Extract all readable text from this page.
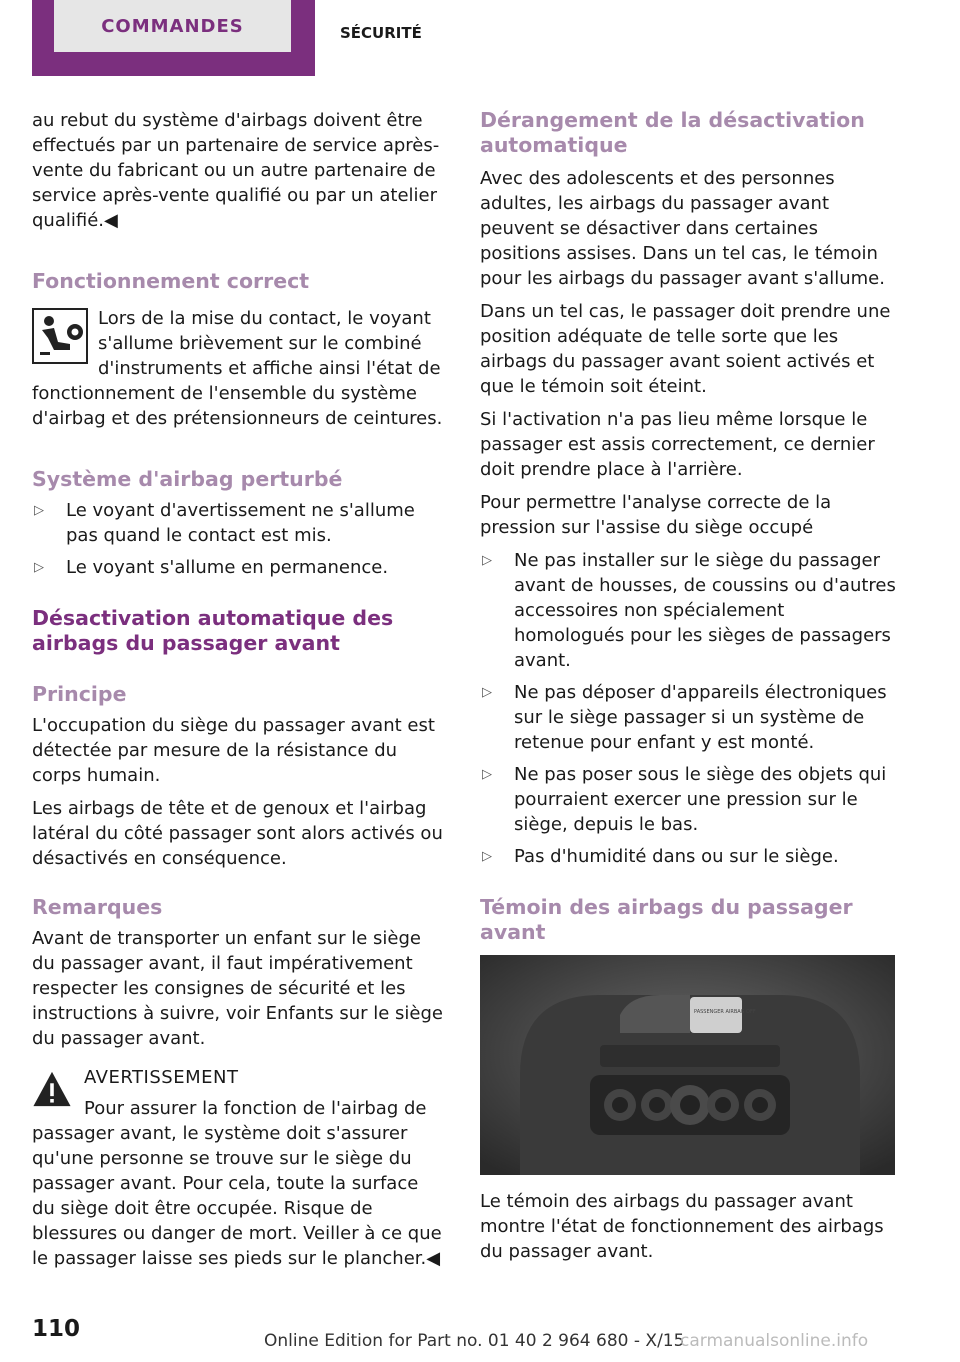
COMMANDES	SÉCURITÉ

au rebut du système d'airbags doivent être effectués par un partenaire de service après-vente du fabricant ou un autre partenaire de service après-vente qualifié ou par un atelier qualifié.◀

Fonctionnement correct

Lors de la mise du contact, le voyant s'allume brièvement sur le combiné d'instruments et affiche ainsi l'état de fonctionnement de l'ensemble du système d'airbag et des prétensionneurs de ceintures.

Système d'airbag perturbé
▷ Le voyant d'avertissement ne s'allume pas quand le contact est mis.
▷ Le voyant s'allume en permanence.
Désactivation automatique des airbags du passager avant
Principe

L'occupation du siège du passager avant est détectée par mesure de la résistance du corps humain.

Les airbags de tête et de genoux et l'airbag latéral du côté passager sont alors activés ou désactivés en conséquence.

Remarques

Avant de transporter un enfant sur le siège du passager avant, il faut impérativement respecter les consignes de sécurité et les instructions à suivre, voir Enfants sur le siège du passager avant.

AVERTISSEMENT

Pour assurer la fonction de l'airbag de passager avant, le système doit s'assurer qu'une personne se trouve sur le siège du passager avant. Pour cela, toute la surface du siège doit être occupée. Risque de blessures ou danger de mort. Veiller à ce que le passager laisse ses pieds sur le plancher.◀

Dérangement de la désactivation automatique

Avec des adolescents et des personnes adultes, les airbags du passager avant peuvent se désactiver dans certaines positions assises. Dans un tel cas, le témoin pour les airbags du passager avant s'allume.

Dans un tel cas, le passager doit prendre une position adéquate de telle sorte que les airbags du passager avant soient activés et que le témoin soit éteint.

Si l'activation n'a pas lieu même lorsque le passager est assis correctement, ce dernier doit prendre place à l'arrière.

Pour permettre l'analyse correcte de la pression sur l'assise du siège occupé

▷ Ne pas installer sur le siège du passager avant de housses, de coussins ou d'autres accessoires non spécialement homologués pour les sièges de passagers avant.
▷ Ne pas déposer d'appareils électroniques sur le siège passager si un système de retenue pour enfant y est monté.
▷ Ne pas poser sous le siège des objets qui pourraient exercer une pression sur le siège, depuis le bas.
▷ Pas d'humidité dans ou sur le siège.
Témoin des airbags du passager avant
PASSENGER AIRBAG OFF

Le témoin des airbags du passager avant montre l'état de fonctionnement des airbags du passager avant.

110	Online Edition for Part no. 01 40 2 964 680 - X/15
carmanualsonline.info
